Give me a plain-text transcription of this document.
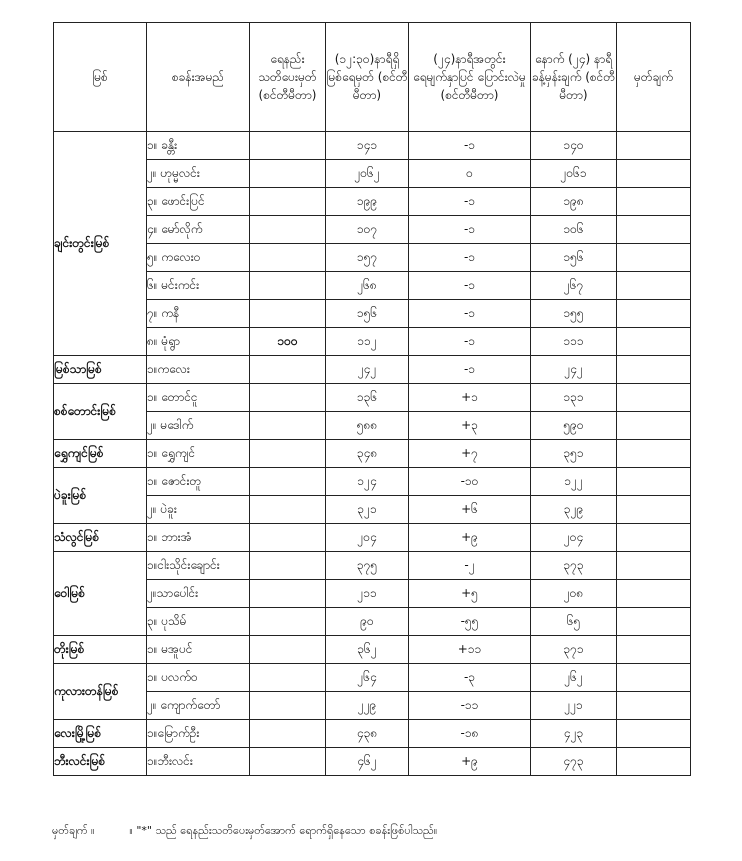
မြစ်	စခန်းအမည်	ရေနည်း သတိပေးမှတ် (စင်တီမီတာ)	(၁၂:၃၀)နာရီရှိ မြစ်ရေမှတ် (စင်တီမီတာ)	(၂၄)နာရီအတွင်း ရေမျက်နှာပြင် ပြောင်းလဲမှု (စင်တီမီတာ)	နောက် (၂၄) နာရီ ခန့်မှန်းချက် (စင်တီမီတာ)	မှတ်ချက်
ချင်းတွင်းမြစ်	၁။ ခန္တီး		၁၄၁	-၁	၁၄၀	
	၂။ ဟုမ္မလင်း		၂၀၆၂	၀	၂၀၆၁	
	၃။ ဖောင်းပြင်		၁၉၉	-၁	၁၉၈	
	၄။ မော်လိုက်		၁၀၇	-၁	၁၀၆	
	၅။ ကလေးဝ		၁၅၇	-၁	၁၅၆	
	၆။ မင်းကင်း		၂၆၈	-၁	၂၆၇	
	၇။ ကနီ		၁၅၆	-၁	၁၅၅	
	၈။ မုံရွာ	၁၀၀	၁၁၂	-၁	၁၁၁	
မြစ်သာမြစ်	၁။ကလေး		၂၄၂	-၁	၂၄၂	
စစ်တောင်းမြစ်	၁။ တောင်ငူ		၁၃၆	+၁	၁၃၁	
	၂။ မဒေါက်		၅၈၈	+၃	၅၉၀	
ရွှေကျင်မြစ်	၁။ ရွှေကျင်		၃၄၈	+၇	၃၅၁	
ပဲခူးမြစ်	၁။ ဇောင်းတူ		၁၂၄	-၁၀	၁၂၂	
	၂။ ပဲခူး		၃၂၁	+၆	၃၂၉	
သံလွင်မြစ်	၁။ ဘားအံ		၂၀၄	+၉	၂၀၄	
ဝေါမြစ်	၁။ငါးသိုင်းချောင်း		၃၇၅	-၂	၃၇၃	
	၂။သာပေါင်း		၂၁၁	+၅	၂၀၈	
	၃။ ပုသိမ်		၉၀	-၅၅	၆၅	
တိုးမြစ်	၁။ မအူပင်		၃၆၂	+၁၁	၃၇၁	
ကုလားတန်မြစ်	၁။ ပလက်ဝ		၂၆၄	-၃	၂၆၂	
	၂။ ကျောက်တော်		၂၂၉	-၁၁	၂၂၁	
လေးမြို့မြစ်	၁။မြောက်ဦး		၄၃၈	-၁၈	၄၂၃	
ဘီးလင်းမြစ်	၁။ဘီးလင်း		၄၆၂	+၉	၄၇၃	
မှတ်ချက် ။	။ "*" သည် ရေနည်းသတိပေးမှတ်အောက် ရောက်ရှိနေသော စခန်းဖြစ်ပါသည်။
